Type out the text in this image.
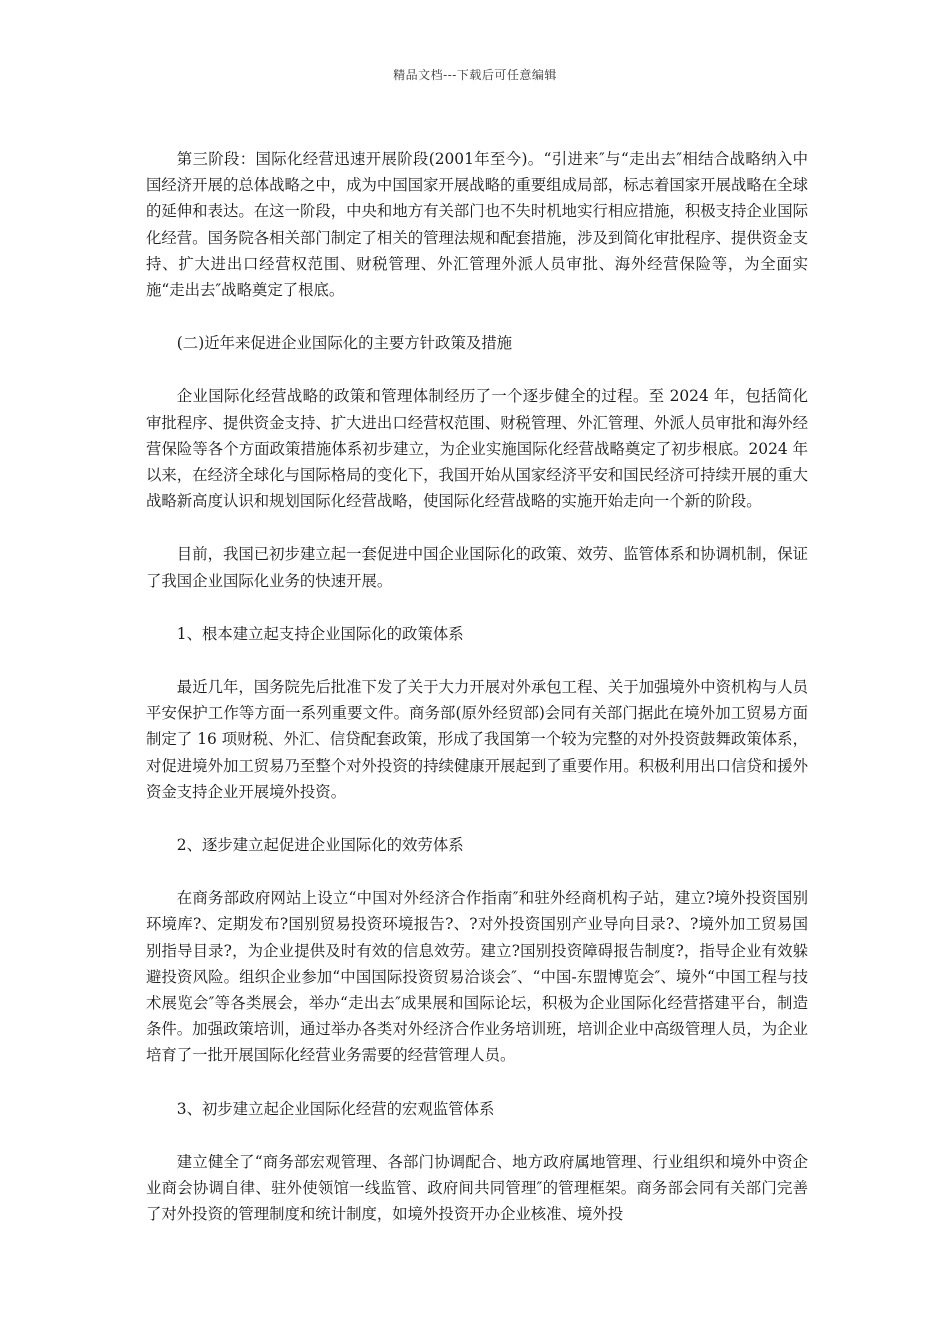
精品文档---下载后可任意编辑

第三阶段：国际化经营迅速开展阶段(2001年至今)。“引进来″与“走出去″相结合战略纳入中国经济开展的总体战略之中，成为中国国家开展战略的重要组成局部，标志着国家开展战略在全球的延伸和表达。在这一阶段，中央和地方有关部门也不失时机地实行相应措施，积极支持企业国际化经营。国务院各相关部门制定了相关的管理法规和配套措施，涉及到简化审批程序、提供资金支持、扩大进出口经营权范围、财税管理、外汇管理外派人员审批、海外经营保险等，为全面实施“走出去″战略奠定了根底。

(二)近年来促进企业国际化的主要方针政策及措施

企业国际化经营战略的政策和管理体制经历了一个逐步健全的过程。至 2024 年，包括简化审批程序、提供资金支持、扩大进出口经营权范围、财税管理、外汇管理、外派人员审批和海外经营保险等各个方面政策措施体系初步建立，为企业实施国际化经营战略奠定了初步根底。2024 年以来，在经济全球化与国际格局的变化下，我国开始从国家经济平安和国民经济可持续开展的重大战略新高度认识和规划国际化经营战略，使国际化经营战略的实施开始走向一个新的阶段。

目前，我国已初步建立起一套促进中国企业国际化的政策、效劳、监管体系和协调机制，保证了我国企业国际化业务的快速开展。

1、根本建立起支持企业国际化的政策体系

最近几年，国务院先后批准下发了关于大力开展对外承包工程、关于加强境外中资机构与人员平安保护工作等方面一系列重要文件。商务部(原外经贸部)会同有关部门据此在境外加工贸易方面制定了 16 项财税、外汇、信贷配套政策，形成了我国第一个较为完整的对外投资鼓舞政策体系，对促进境外加工贸易乃至整个对外投资的持续健康开展起到了重要作用。积极利用出口信贷和援外资金支持企业开展境外投资。

2、逐步建立起促进企业国际化的效劳体系

在商务部政府网站上设立“中国对外经济合作指南″和驻外经商机构子站，建立?境外投资国别环境库?、定期发布?国别贸易投资环境报告?、?对外投资国别产业导向目录?、?境外加工贸易国别指导目录?，为企业提供及时有效的信息效劳。建立?国别投资障碍报告制度?，指导企业有效躲避投资风险。组织企业参加“中国国际投资贸易洽谈会″、“中国-东盟博览会″、境外“中国工程与技术展览会″等各类展会，举办“走出去″成果展和国际论坛，积极为企业国际化经营搭建平台，制造条件。加强政策培训，通过举办各类对外经济合作业务培训班，培训企业中高级管理人员，为企业培育了一批开展国际化经营业务需要的经营管理人员。

3、初步建立起企业国际化经营的宏观监管体系

建立健全了“商务部宏观管理、各部门协调配合、地方政府属地管理、行业组织和境外中资企业商会协调自律、驻外使领馆一线监管、政府间共同管理″的管理框架。商务部会同有关部门完善了对外投资的管理制度和统计制度，如境外投资开办企业核准、境外投
